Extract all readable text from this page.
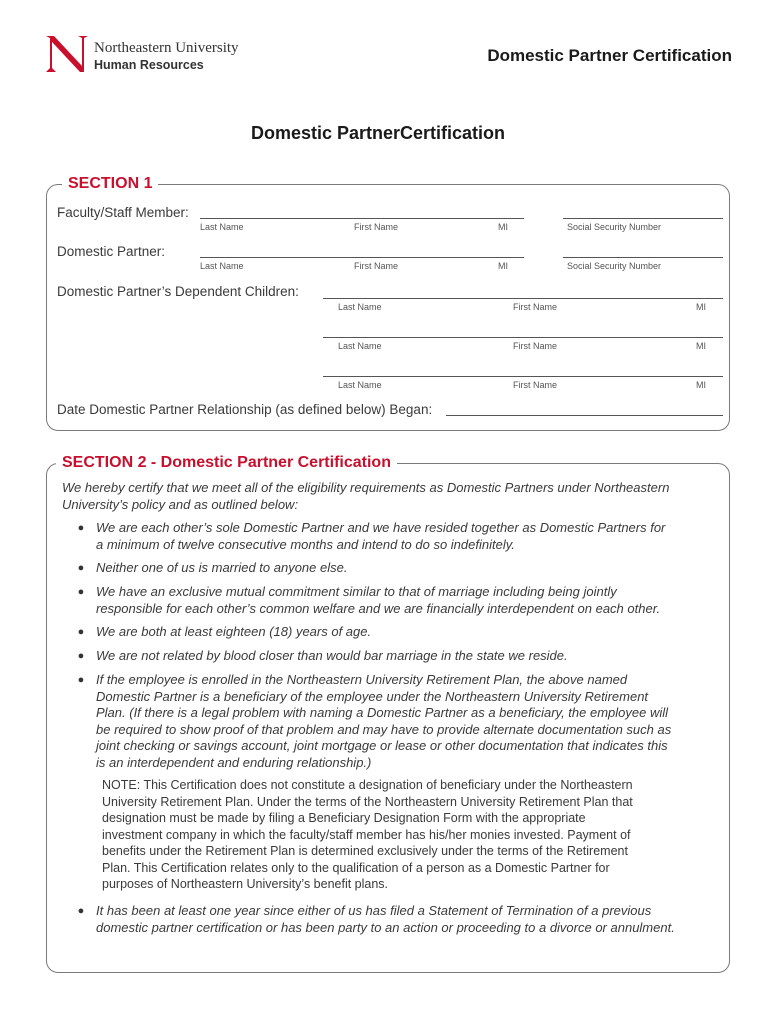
Northeastern University
Human Resources	Domestic Partner Certification
Domestic PartnerCertification
SECTION 1
Faculty/Staff Member:
Last Name	First Name	MI	Social Security Number
Domestic Partner:
Last Name	First Name	MI	Social Security Number
Domestic Partner’s Dependent Children:
Last Name	First Name	MI
Last Name	First Name	MI
Last Name	First Name	MI
Date Domestic Partner Relationship (as defined below) Began:
SECTION 2 - Domestic Partner Certification
We hereby certify that we meet all of the eligibility requirements as Domestic Partners under Northeastern
University’s policy and as outlined below:
● We are each other’s sole Domestic Partner and we have resided together as Domestic Partners for
a minimum of twelve consecutive months and intend to do so indefinitely.
● Neither one of us is married to anyone else.
● We have an exclusive mutual commitment similar to that of marriage including being jointly
responsible for each other’s common welfare and we are financially interdependent on each other.
● We are both at least eighteen (18) years of age.
● We are not related by blood closer than would bar marriage in the state we reside.
● If the employee is enrolled in the Northeastern University Retirement Plan, the above named
Domestic Partner is a beneficiary of the employee under the Northeastern University Retirement
Plan. (If there is a legal problem with naming a Domestic Partner as a beneficiary, the employee will
be required to show proof of that problem and may have to provide alternate documentation such as
joint checking or savings account, joint mortgage or lease or other documentation that indicates this
is an interdependent and enduring relationship.)
NOTE: This Certification does not constitute a designation of beneficiary under the Northeastern
University Retirement Plan. Under the terms of the Northeastern University Retirement Plan that
designation must be made by filing a Beneficiary Designation Form with the appropriate
investment company in which the faculty/staff member has his/her monies invested. Payment of
benefits under the Retirement Plan is determined exclusively under the terms of the Retirement
Plan. This Certification relates only to the qualification of a person as a Domestic Partner for
purposes of Northeastern University’s benefit plans.
● It has been at least one year since either of us has filed a Statement of Termination of a previous
domestic partner certification or has been party to an action or proceeding to a divorce or annulment.
